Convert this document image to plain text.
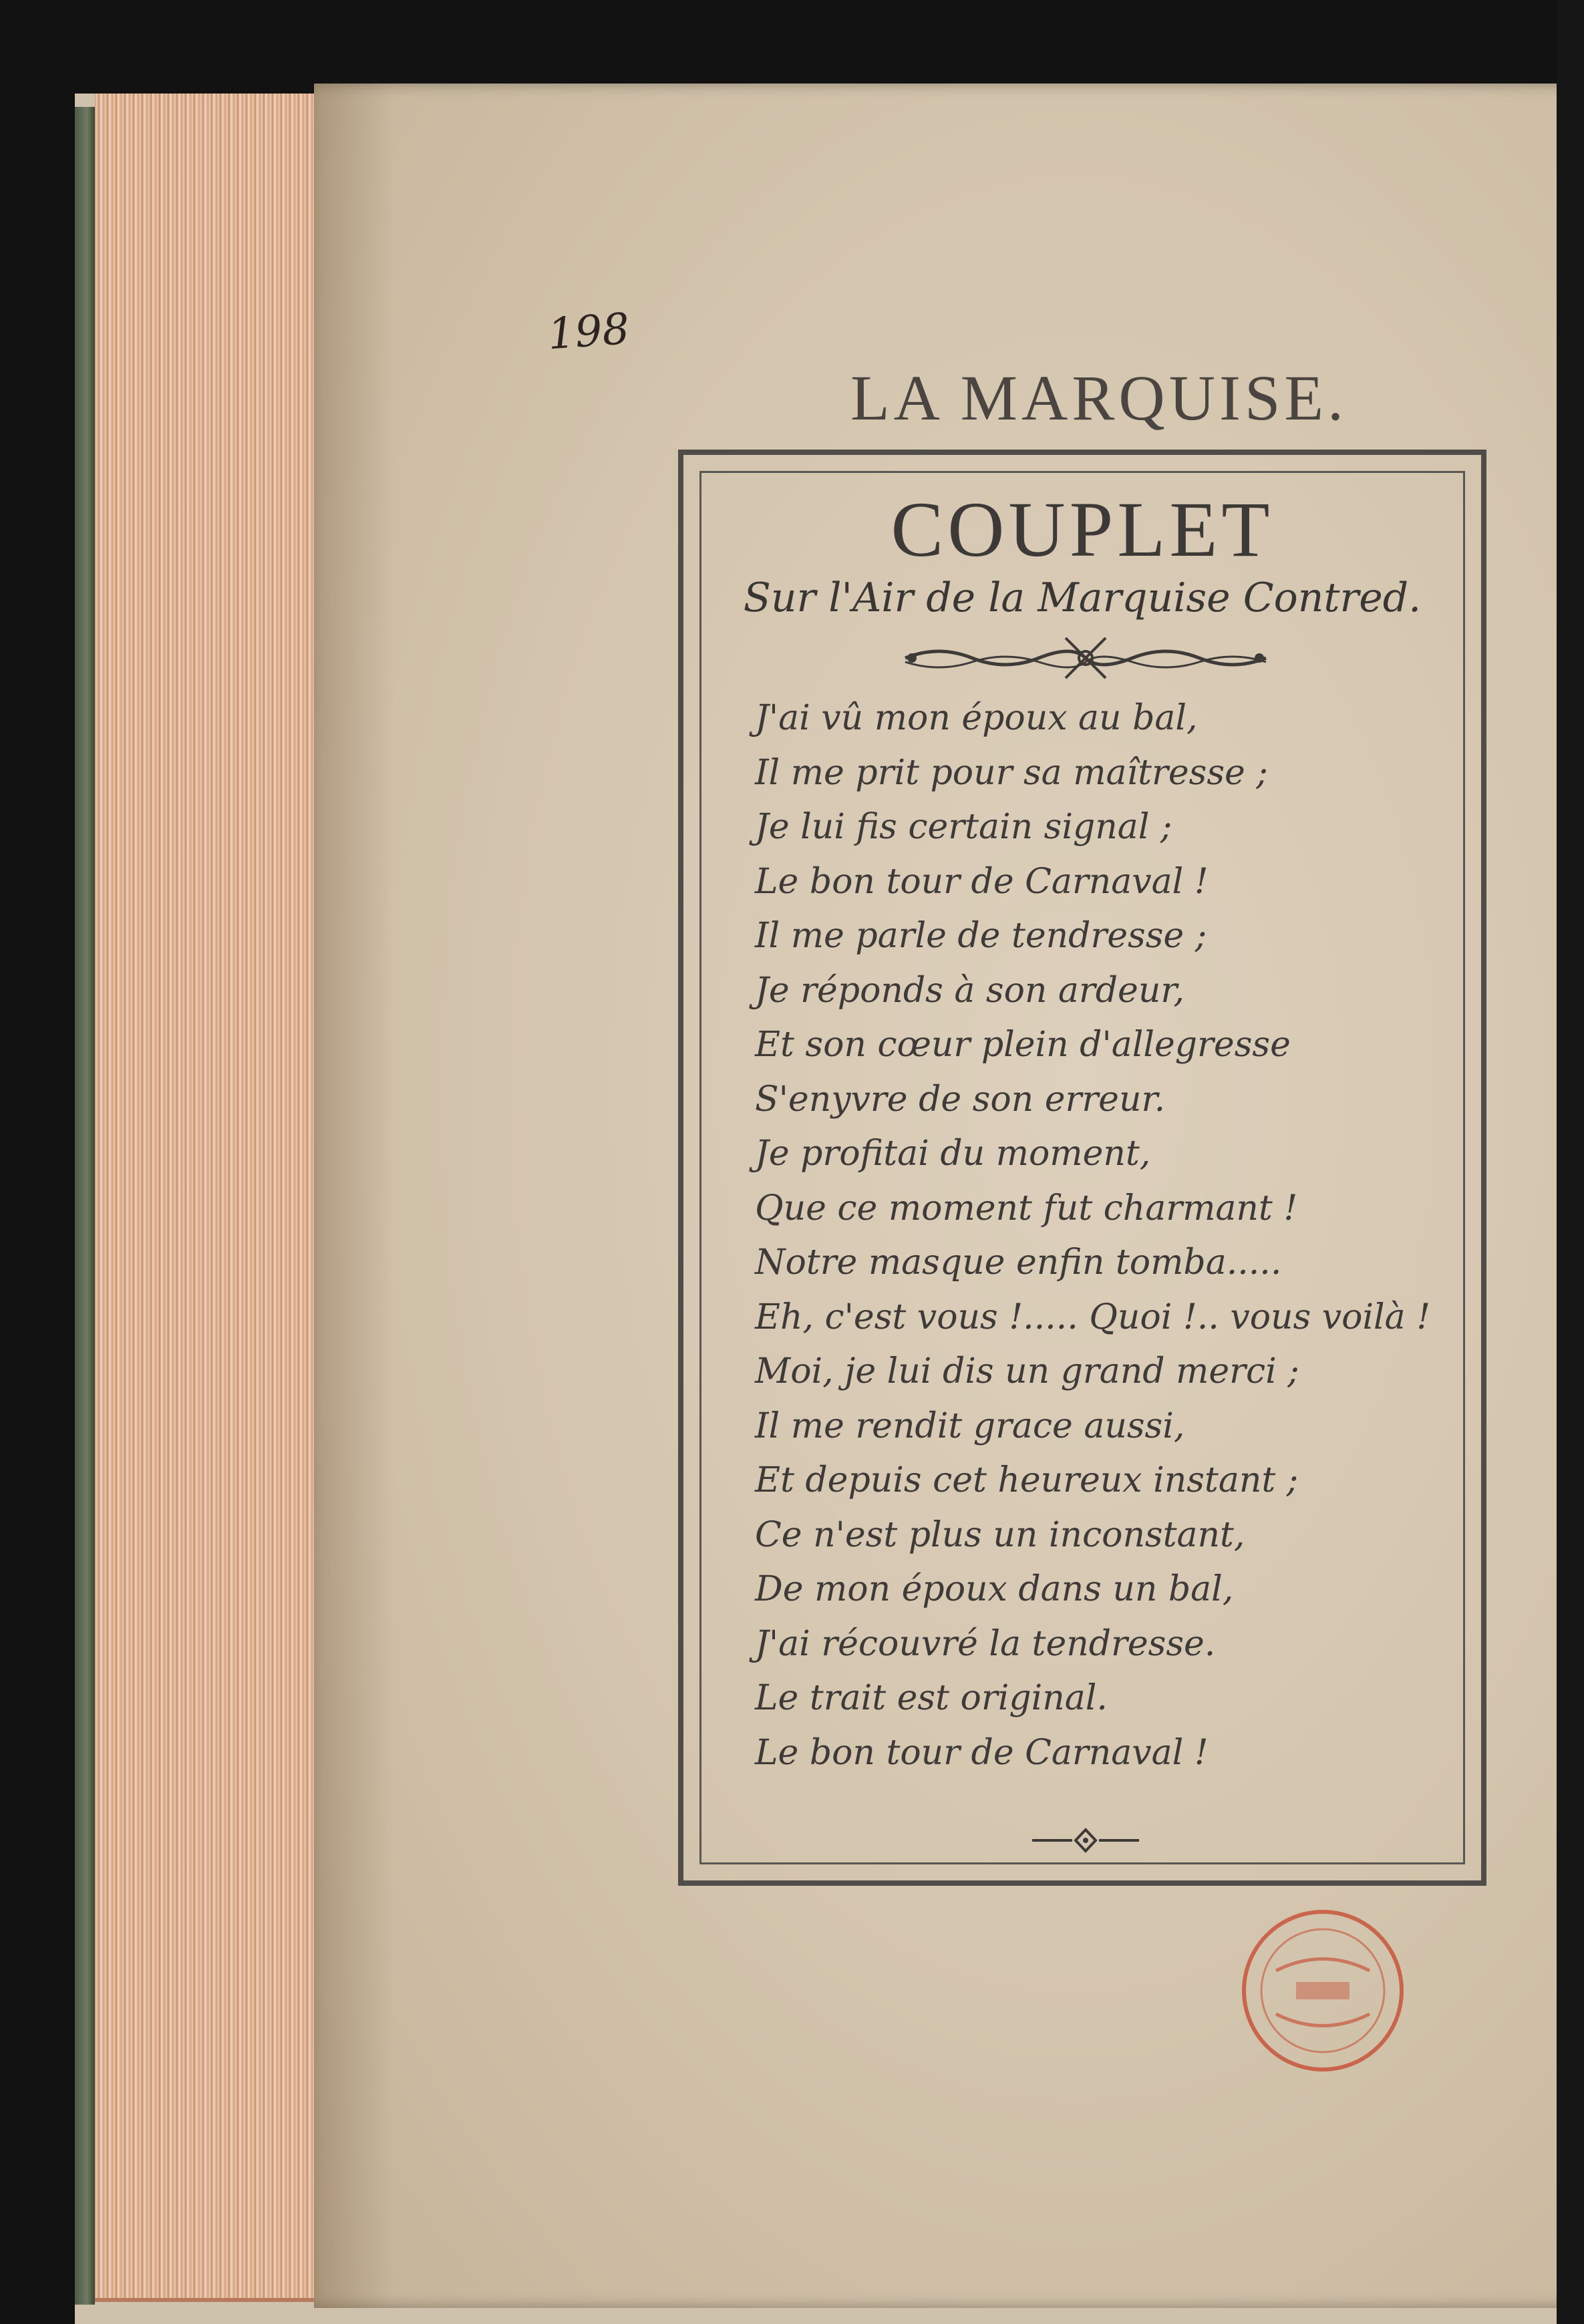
198
LA MARQUISE.
COUPLET
Sur l'Air de la Marquise Contred.
J'ai vû mon époux au bal,
Il me prit pour sa maîtresse ;
Je lui fis certain signal ;
Le bon tour de Carnaval !
Il me parle de tendresse ;
Je réponds à son ardeur,
Et son cœur plein d'allegresse
S'enyvre de son erreur.
Je profitai du moment,
Que ce moment fut charmant !
Notre masque enfin tomba.....
Eh, c'est vous !..... Quoi !.. vous voilà !
Moi, je lui dis un grand merci ;
Il me rendit grace aussi,
Et depuis cet heureux instant ;
Ce n'est plus un inconstant,
De mon époux dans un bal,
J'ai récouvré la tendresse.
Le trait est original.
Le bon tour de Carnaval !
